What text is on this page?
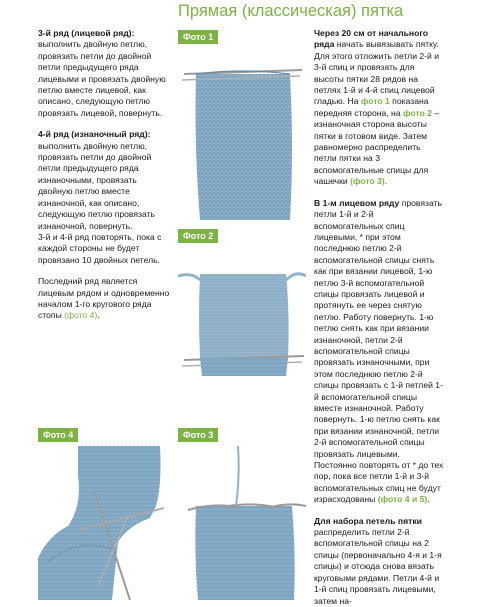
Прямая (классическая) пятка

3-й ряд (лицевой ряд):
выполнить двойную петлю, провязать петли до двойной петли предыдущего ряда лицевыми и провязать двойную петлю вместе лицевой, как описано, следующую петлю провязать лицевой, повернуть.

4-й ряд (изнаночный ряд):
выполнить двойную петлю, провязать петли до двойной петли предыдущего ряда изнаночными, провязать двойную петлю вместе изнаночной, как описано, следующую петлю провязать изнаночной, повернуть.
3-й и 4-й ряд повторять, пока с каждой стороны не будет провязано 10 двойных петель.

Последний ряд является лицевым рядом и одновременно началом 1-го кругового ряда стопы (фото 4).

Через 20 см от начального ряда начать вывязывать пятку. Для этого отложить петли 2-й и 3-й спиц и провязать для высоты пятки 28 рядов на петлях 1-й и 4-й спиц лицевой гладью. На фото 1 показана передняя сторона, на фото 2 – изнаночная сторона высоты пятки в готовом виде. Затем равномерно распределить петли пятки на 3 вспомогательные спицы для чашечки (фото 3).

В 1-м лицевом ряду провязать петли 1-й и 2-й вспомогательных спиц лицевыми, * при этом последнюю петлю 2-й вспомогательной спицы снять как при вязании лицевой, 1-ю петлю 3-й вспомогательной спицы провязать лицевой и протянуть ее через снятую петлю. Работу повернуть. 1-ю петлю снять как при вязании изнаночной, петли 2-й вспомогательной спицы провязать изнаночными, при этом последнюю петлю 2-й спицы провязать с 1-й петлей 1-й вспомогательной спицы вместе изнаночной. Работу повернуть. 1-ю петлю снять как при вязании изнаночной, петли 2-й вспомогательной спицы провязать лицевыми. Постоянно повторять от * до тех пор, пока все петли 1-й и 3-й вспомогательных спиц не будут израсходованы (фото 4 и 5).

Для набора петель пятки распределить петли 2-й вспомогательной спицы на 2 спицы (первоначально 4-я и 1-я спицы) и отсюда снова вязать круговыми рядами. Петли 4-й и 1-й спиц провязать лицевыми, затем на-

Фото 1
Фото 2
Фото 3
Фото 4
